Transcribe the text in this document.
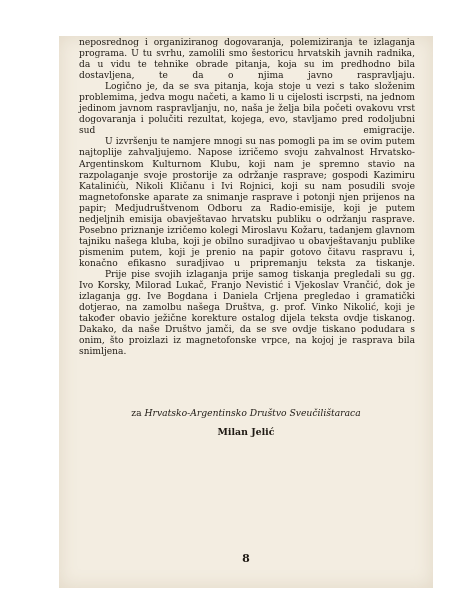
neposrednog i organiziranog dogovaranja, polemiziranja te izlaganja programa. U tu svrhu, zamolili smo šestoricu hrvatskih javnih radnika, da u vidu te tehnike obrade pitanja, koja su im predhodno bila dostavljena, te da o njima javno raspravljaju.

Logično je, da se sva pitanja, koja stoje u vezi s tako složenim problemima, jedva mogu načeti, a kamo li u cijelosti iscrpsti, na jednom jedinom javnom raspravljanju, no, naša je želja bila početi ovakovu vrst dogovaranja i polučiti rezultat, kojega, evo, stavljamo pred rodoljubni sud emigracije.

U izvršenju te namjere mnogi su nas pomogli pa im se ovim putem najtoplije zahvaljujemo. Napose izričemo svoju zahvalnost Hrvatsko-Argentinskom Kulturnom Klubu, koji nam je spremno stavio na razpolaganje svoje prostorije za održanje rasprave; gospodi Kazimiru Katalinićù, Nikoli Kličanu i Ivi Rojnici, koji su nam posudili svoje magnetofonske aparate za snimanje rasprave i potonji njen prijenos na papir; Medjudruštvenom Odboru za Radio-emisije, koji je putem nedjeljnih emisija obavještavao hrvatsku publiku o održanju rasprave. Posebno priznanje izričemo kolegi Miroslavu Kožaru, tadanjem glavnom tajniku našega kluba, koji je obilno suradjivao u obavještavanju publike pismenim putem, koji je prenio na papir gotovo čitavu raspravu i, konačno efikasno suradjivao u pripremanju teksta za tiskanje.

Prije pise svojih izlaganja prije samog tiskanja pregledali su gg. Ivo Korsky, Milorad Lukač, Franjo Nevistić i Vjekoslav Vrančić, dok je izlaganja gg. Ive Bogdana i Daniela Crljena pregledao i gramatički dotjerao, na zamolbu našega Društva, g. prof. Vinko Nikolić, koji je također obavio ježične korekture ostalog dijela teksta ovdje tiskanog. Dakako, da naše Društvo jamči, da se sve ovdje tiskano podudara s onim, što proizlazi iz magnetofonske vrpce, na kojoj je rasprava bila snimljena.

za Hrvatsko-Argentinsko Društvo Sveučilištaraca

Milan Jelić
8
